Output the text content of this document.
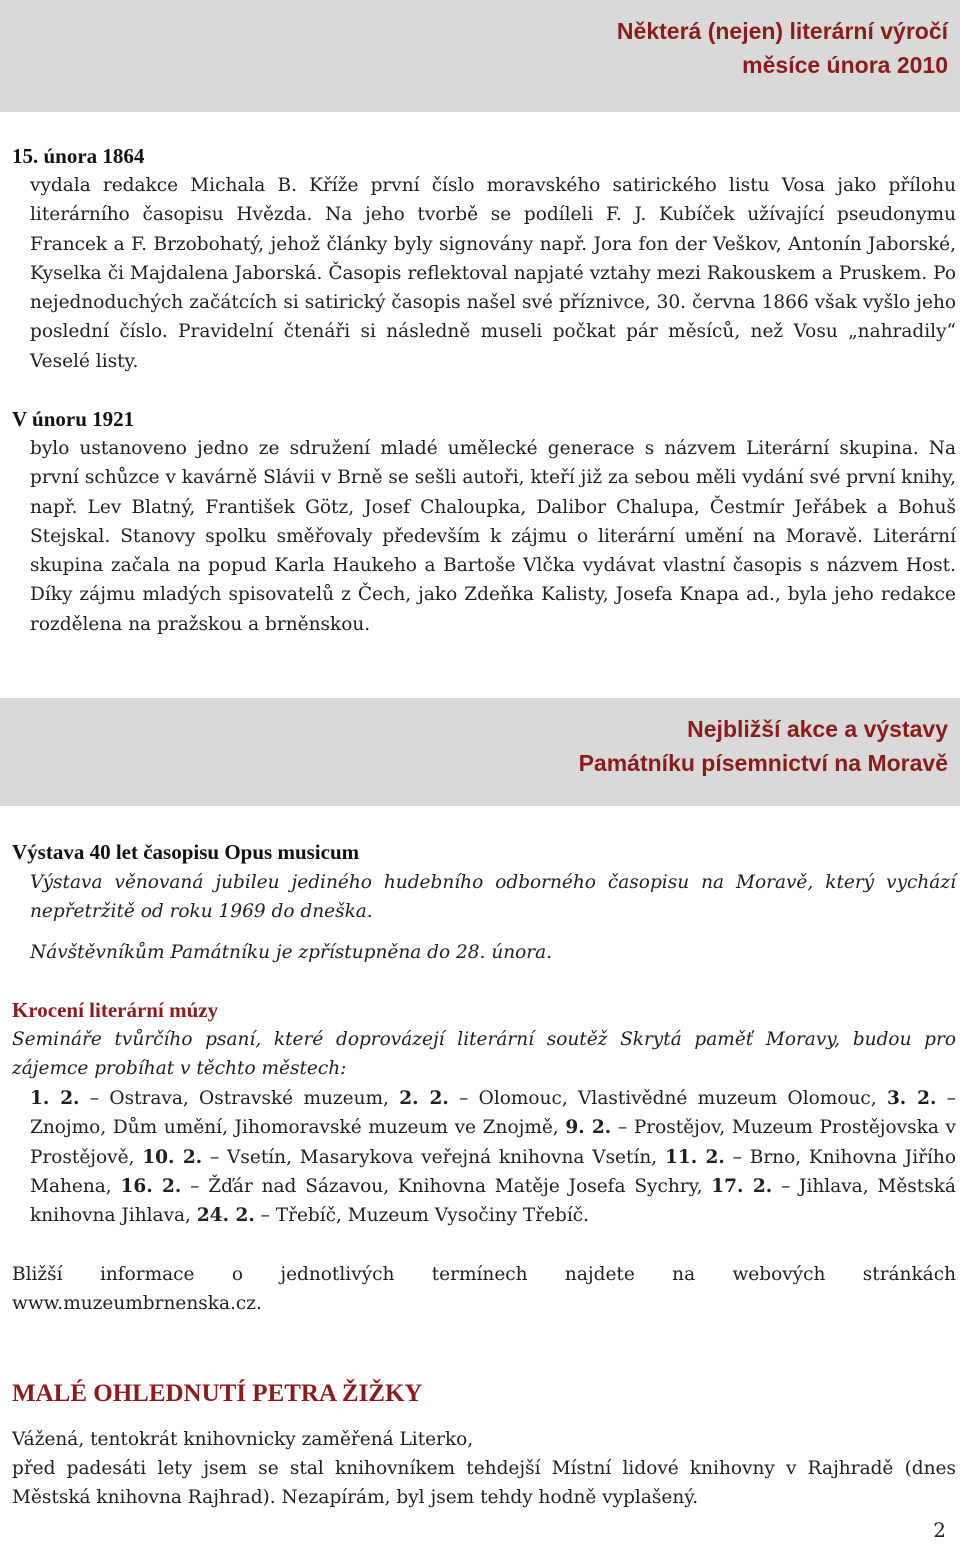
Některá (nejen) literární výročí
měsíce února 2010
15. února 1864
vydala redakce Michala B. Kříže první číslo moravského satirického listu Vosa jako přílohu literárního časopisu Hvězda. Na jeho tvorbě se podíleli F. J. Kubíček užívající pseudonymu Francek a F. Brzobohatý, jehož články byly signovány např. Jora fon der Veškov, Antonín Jaborské, Kyselka či Majdalena Jaborská. Časopis reflektoval napjaté vztahy mezi Rakouskem a Pruskem. Po nejednoduchých začátcích si satirický časopis našel své příznivce, 30. června 1866 však vyšlo jeho poslední číslo. Pravidelní čtenáři si následně museli počkat pár měsíců, než Vosu „nahradily“ Veselé listy.
V únoru 1921
bylo ustanoveno jedno ze sdružení mladé umělecké generace s názvem Literární skupina. Na první schůzce v kavárně Slávii v Brně se sešli autoři, kteří již za sebou měli vydání své první knihy, např. Lev Blatný, František Götz, Josef Chaloupka, Dalibor Chalupa, Čestmír Jeřábek a Bohuš Stejskal. Stanovy spolku směřovaly především k zájmu o literární umění na Moravě. Literární skupina začala na popud Karla Haukeho a Bartoše Vlčka vydávat vlastní časopis s názvem Host. Díky zájmu mladých spisovatelů z Čech, jako Zdeňka Kalisty, Josefa Knapa ad., byla jeho redakce rozdělena na pražskou a brněnskou.
Nejbližší akce a výstavy
Památníku písemnictví na Moravě
Výstava 40 let časopisu Opus musicum
Výstava věnovaná jubileu jediného hudebního odborného časopisu na Moravě, který vychází nepřetržitě od roku 1969 do dneška.
Návštěvníkům Památníku je zpřístupněna do 28. února.
Krocení literární múzy
Semináře tvůrčího psaní, které doprovázejí literární soutěž Skrytá paměť Moravy, budou pro zájemce probíhat v těchto městech:
1. 2. – Ostrava, Ostravské muzeum, 2. 2. – Olomouc, Vlastivědné muzeum Olomouc, 3. 2. – Znojmo, Dům umění, Jihomoravské muzeum ve Znojmě, 9. 2. – Prostějov, Muzeum Prostějovska v Prostějově, 10. 2. – Vsetín, Masarykova veřejná knihovna Vsetín, 11. 2. – Brno, Knihovna Jiřího Mahena, 16. 2. – Žďár nad Sázavou, Knihovna Matěje Josefa Sychry, 17. 2. – Jihlava, Městská knihovna Jihlava, 24. 2. – Třebíč, Muzeum Vysočiny Třebíč.
Bližší informace o jednotlivých termínech najdete na webových stránkách www.muzeumbrnenska.cz.
MALÉ OHLEDNUTÍ PETRA ŽIŽKY
Vážená, tentokrát knihovnicky zaměřená Literko,
před padesáti lety jsem se stal knihovníkem tehdejší Místní lidové knihovny v Rajhradě (dnes Městská knihovna Rajhrad). Nezapírám, byl jsem tehdy hodně vyplašený.
2
